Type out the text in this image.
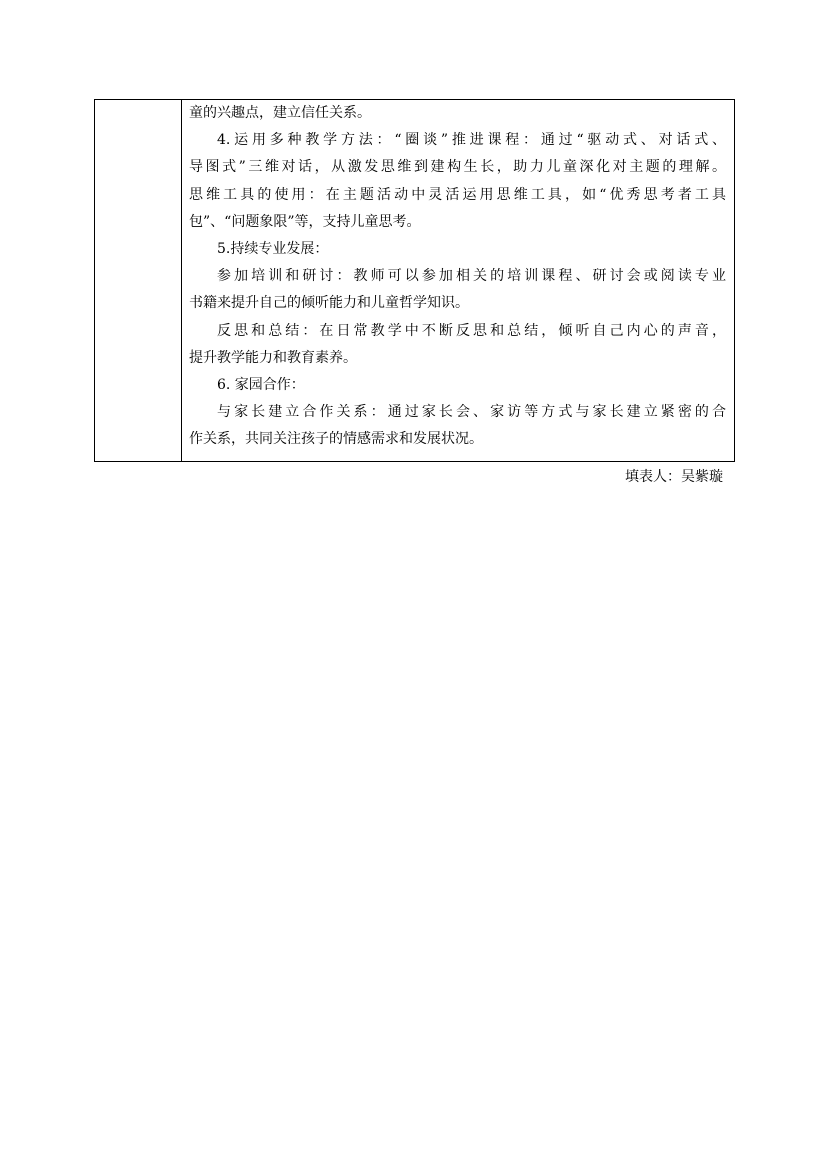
童的兴趣点，建立信任关系。
4.运用多种教学方法：“圈谈”推进课程：通过“驱动式、对话式、
导图式”三维对话，从激发思维到建构生长，助力儿童深化对主题的理解。
思维工具的使用：在主题活动中灵活运用思维工具，如“优秀思考者工具
包”、“问题象限”等，支持儿童思考。
5.持续专业发展：
参加培训和研讨：教师可以参加相关的培训课程、研讨会或阅读专业
书籍来提升自己的倾听能力和儿童哲学知识。
反思和总结：在日常教学中不断反思和总结，倾听自己内心的声音，
提升教学能力和教育素养。
6. 家园合作：
与家长建立合作关系：通过家长会、家访等方式与家长建立紧密的合
作关系，共同关注孩子的情感需求和发展状况。
填表人：吴紫璇
